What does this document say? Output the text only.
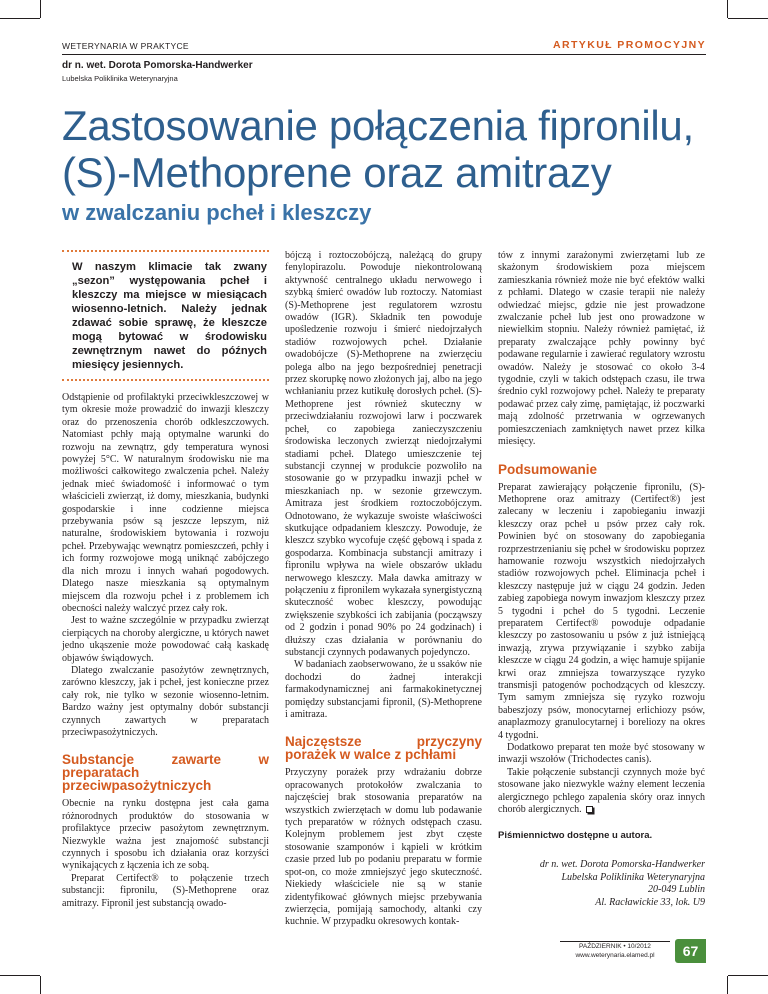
WETERYNARIA W PRAKTYCE	ARTYKUŁ PROMOCYJNY
dr n. wet. Dorota Pomorska-Handwerker
Lubelska Poliklinika Weterynaryjna
Zastosowanie połączenia fipronilu, (S)-Methoprene oraz amitrazy
w zwalczaniu pcheł i kleszczy
W naszym klimacie tak zwany „sezon” występowania pcheł i kleszczy ma miejsce w miesiącach wiosenno-letnich. Należy jednak zdawać sobie sprawę, że kleszcze mogą bytować w środowisku zewnętrznym nawet do późnych miesięcy jesiennych.

Odstąpienie od profilaktyki przeciwkleszczowej w tym okresie może prowadzić do inwazji kleszczy oraz do przenoszenia chorób odkleszczowych. Natomiast pchły mają optymalne warunki do rozwoju na zewnątrz, gdy temperatura wynosi powyżej 5°C. W naturalnym środowisku nie ma możliwości całkowitego zwalczenia pcheł. Należy jednak mieć świadomość i informować o tym właścicieli zwierząt, iż domy, mieszkania, budynki gospodarskie i inne codzienne miejsca przebywania psów są jeszcze lepszym, niż naturalne, środowiskiem bytowania i rozwoju pcheł. Przebywając wewnątrz pomieszczeń, pchły i ich formy rozwojowe mogą uniknąć zabójczego dla nich mrozu i innych wahań pogodowych. Dlatego nasze mieszkania są optymalnym miejscem dla rozwoju pcheł i z problemem ich obecności należy walczyć przez cały rok.

Jest to ważne szczególnie w przypadku zwierząt cierpiących na choroby alergiczne, u których nawet jedno ukąszenie może powodować całą kaskadę objawów świądowych.

Dlatego zwalczanie pasożytów zewnętrznych, zarówno kleszczy, jak i pcheł, jest konieczne przez cały rok, nie tylko w sezonie wiosenno-letnim. Bardzo ważny jest optymalny dobór substancji czynnych zawartych w preparatach przeciwpasożytniczych.

Substancje zawarte w preparatach przeciwpasożytniczych

Obecnie na rynku dostępna jest cała gama różnorodnych produktów do stosowania w profilaktyce przeciw pasożytom zewnętrznym. Niezwykle ważna jest znajomość substancji czynnych i sposobu ich działania oraz korzyści wynikających z łączenia ich ze sobą.

Preparat Certifect® to połączenie trzech substancji: fipronilu, (S)-Methoprene oraz amitrazy. Fipronil jest substancją owado-

bójczą i roztoczobójczą, należącą do grupy fenylopirazolu. Powoduje niekontrolowaną aktywność centralnego układu nerwowego i szybką śmierć owadów lub roztoczy. Natomiast (S)-Methoprene jest regulatorem wzrostu owadów (IGR). Składnik ten powoduje upośledzenie rozwoju i śmierć niedojrzałych stadiów rozwojowych pcheł. Działanie owadobójcze (S)-Methoprene na zwierzęciu polega albo na jego bezpośredniej penetracji przez skorupkę nowo złożonych jaj, albo na jego wchłanianiu przez kutikułę dorosłych pcheł. (S)-Methoprene jest również skuteczny w przeciwdziałaniu rozwojowi larw i poczwarek pcheł, co zapobiega zanieczyszczeniu środowiska leczonych zwierząt niedojrzałymi stadiami pcheł. Dlatego umieszczenie tej substancji czynnej w produkcie pozwoliło na stosowanie go w przypadku inwazji pcheł w mieszkaniach np. w sezonie grzewczym. Amitraza jest środkiem roztoczobójczym. Odnotowano, że wykazuje swoiste właściwości skutkujące odpadaniem kleszczy. Powoduje, że kleszcz szybko wycofuje część gębową i spada z gospodarza. Kombinacja substancji amitrazy i fipronilu wpływa na wiele obszarów układu nerwowego kleszczy. Mała dawka amitrazy w połączeniu z fipronilem wykazała synergistyczną skuteczność wobec kleszczy, powodując zwiększenie szybkości ich zabijania (począwszy od 2 godzin i ponad 90% po 24 godzinach) i dłuższy czas działania w porównaniu do substancji czynnych podawanych pojedynczo.

W badaniach zaobserwowano, że u ssaków nie dochodzi do żadnej interakcji farmakodynamicznej ani farmakokinetycznej pomiędzy substancjami fipronil, (S)-Methoprene i amitraza.

Najczęstsze przyczyny porażek w walce z pchłami

Przyczyny porażek przy wdrażaniu dobrze opracowanych protokołów zwalczania to najczęściej brak stosowania preparatów na wszystkich zwierzętach w domu lub podawanie tych preparatów w różnych odstępach czasu. Kolejnym problemem jest zbyt częste stosowanie szamponów i kąpieli w krótkim czasie przed lub po podaniu preparatu w formie spot-on, co może zmniejszyć jego skuteczność. Niekiedy właściciele nie są w stanie zidentyfikować głównych miejsc przebywania zwierzęcia, pomijają samochody, altanki czy kuchnie. W przypadku okresowych kontak-

tów z innymi zarażonymi zwierzętami lub ze skażonym środowiskiem poza miejscem zamieszkania również może nie być efektów walki z pchłami. Dlatego w czasie terapii nie należy odwiedzać miejsc, gdzie nie jest prowadzone zwalczanie pcheł lub jest ono prowadzone w niewielkim stopniu. Należy również pamiętać, iż preparaty zwalczające pchły powinny być podawane regularnie i zawierać regulatory wzrostu owadów. Należy je stosować co około 3-4 tygodnie, czyli w takich odstępach czasu, ile trwa średnio cykl rozwojowy pcheł. Należy te preparaty podawać przez cały zimę, pamiętając, iż poczwarki mają zdolność przetrwania w ogrzewanych pomieszczeniach zamkniętych nawet przez kilka miesięcy.

Podsumowanie

Preparat zawierający połączenie fipronilu, (S)-Methoprene oraz amitrazy (Certifect®) jest zalecany w leczeniu i zapobieganiu inwazji kleszczy oraz pcheł u psów przez cały rok. Powinien być on stosowany do zapobiegania rozprzestrzenianiu się pcheł w środowisku poprzez hamowanie rozwoju wszystkich niedojrzałych stadiów rozwojowych pcheł. Eliminacja pcheł i kleszczy następuje już w ciągu 24 godzin. Jeden zabieg zapobiega nowym inwazjom kleszczy przez 5 tygodni i pcheł do 5 tygodni. Leczenie preparatem Certifect® powoduje odpadanie kleszczy po zastosowaniu u psów z już istniejącą inwazją, zrywa przywiązanie i szybko zabija kleszcze w ciągu 24 godzin, a więc hamuje spijanie krwi oraz zmniejsza towarzyszące ryzyko transmisji patogenów pochodzących od kleszczy. Tym samym zmniejsza się ryzyko rozwoju babeszjozy psów, monocytarnej erlichiozy psów, anaplazmozy granulocytarnej i boreliozy na okres 4 tygodni.

Dodatkowo preparat ten może być stosowany w inwazji wszołów (Trichodectes canis).

Takie połączenie substancji czynnych może być stosowane jako niezwykle ważny element leczenia alergicznego pchlego zapalenia skóry oraz innych chorób alergicznych.

Piśmiennictwo dostępne u autora.
dr n. wet. Dorota Pomorska-Handwerker
Lubelska Poliklinika Weterynaryjna
20-049 Lublin
Al. Racławickie 33, lok. U9
PAŹDZIERNIK • 10/2012
www.weterynaria.elamed.pl	67
